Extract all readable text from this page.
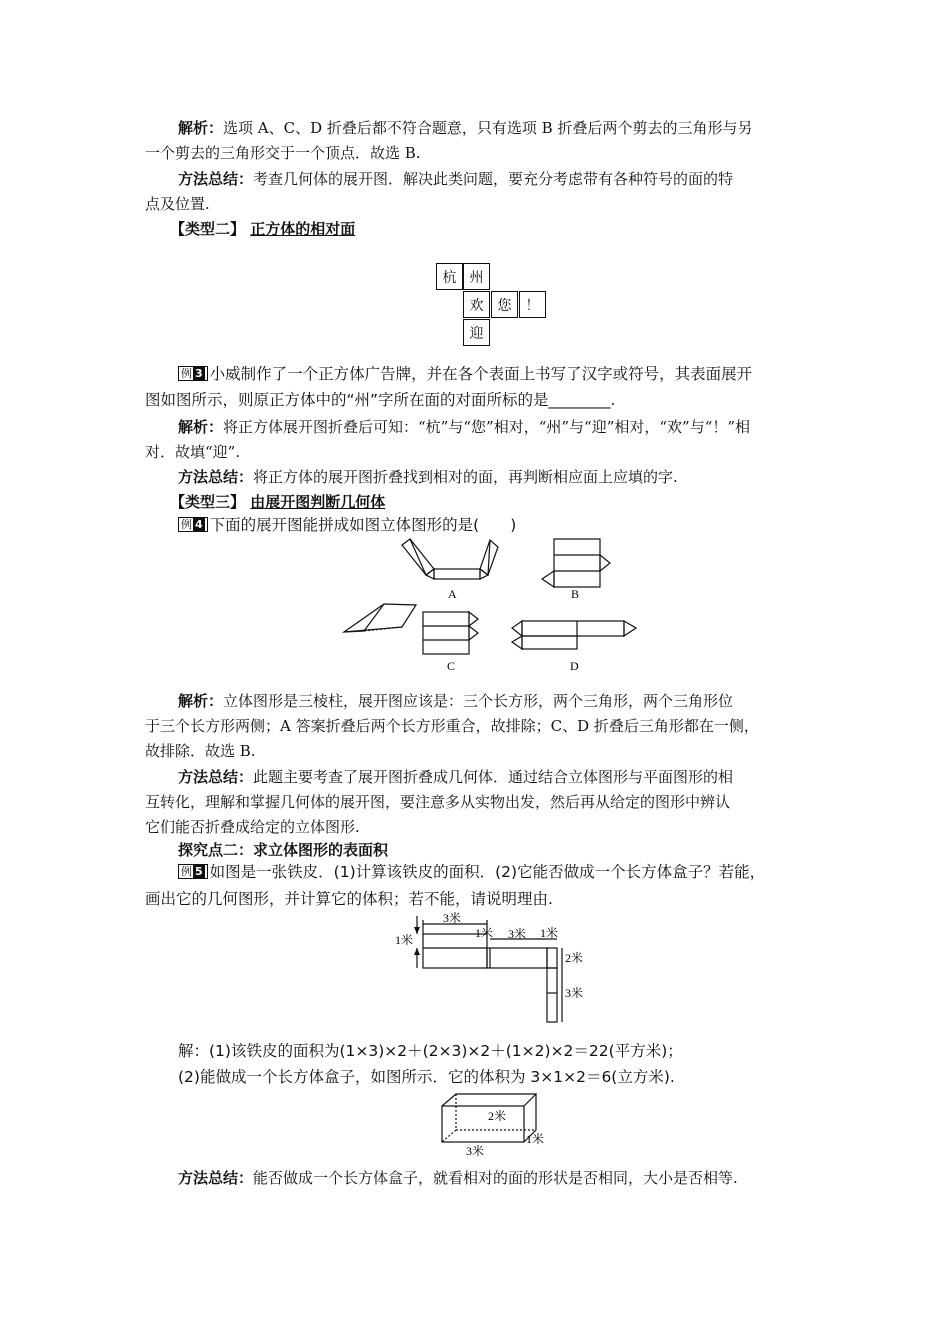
解析：选项 A、C、D 折叠后都不符合题意，只有选项 B 折叠后两个剪去的三角形与另
一个剪去的三角形交于一个顶点．故选 B.
方法总结：考查几何体的展开图．解决此类问题，要充分考虑带有各种符号的面的特
点及位置.
【类型二】 正方体的相对面
杭 州
欢	您	！
迎
例 3 小威制作了一个正方体广告牌，并在各个表面上书写了汉字或符号，其表面展开
图如图所示，则原正方体中的“州”字所在面的对面所标的是________.
解析：将正方体展开图折叠后可知：“杭”与“您”相对，“州”与“迎”相对，“欢”与“！”相
对．故填“迎”.
方法总结：将正方体的展开图折叠找到相对的面，再判断相应面上应填的字.
【类型三】 由展开图判断几何体
例 4 下面的展开图能拼成如图立体图形的是(　　)
A	B
C	D
解析：立体图形是三棱柱，展开图应该是：三个长方形，两个三角形，两个三角形位
于三个长方形两侧；A 答案折叠后两个长方形重合，故排除；C、D 折叠后三角形都在一侧，
故排除．故选 B.
方法总结：此题主要考查了展开图折叠成几何体．通过结合立体图形与平面图形的相
互转化，理解和掌握几何体的展开图，要注意多从实物出发，然后再从给定的图形中辨认
它们能否折叠成给定的立体图形.
探究点二：求立体图形的表面积
例 5 如图是一张铁皮．(1)计算该铁皮的面积．(2)它能否做成一个长方体盒子？若能，
画出它的几何图形，并计算它的体积；若不能，请说明理由.
3米
1米	1米 3米 1米
2米
3米
解：(1)该铁皮的面积为(1×3)×2＋(2×3)×2＋(1×2)×2＝22(平方米)；
(2)能做成一个长方体盒子，如图所示．它的体积为 3×1×2＝6(立方米).
2米
1米
3米
方法总结：能否做成一个长方体盒子，就看相对的面的形状是否相同，大小是否相等.
